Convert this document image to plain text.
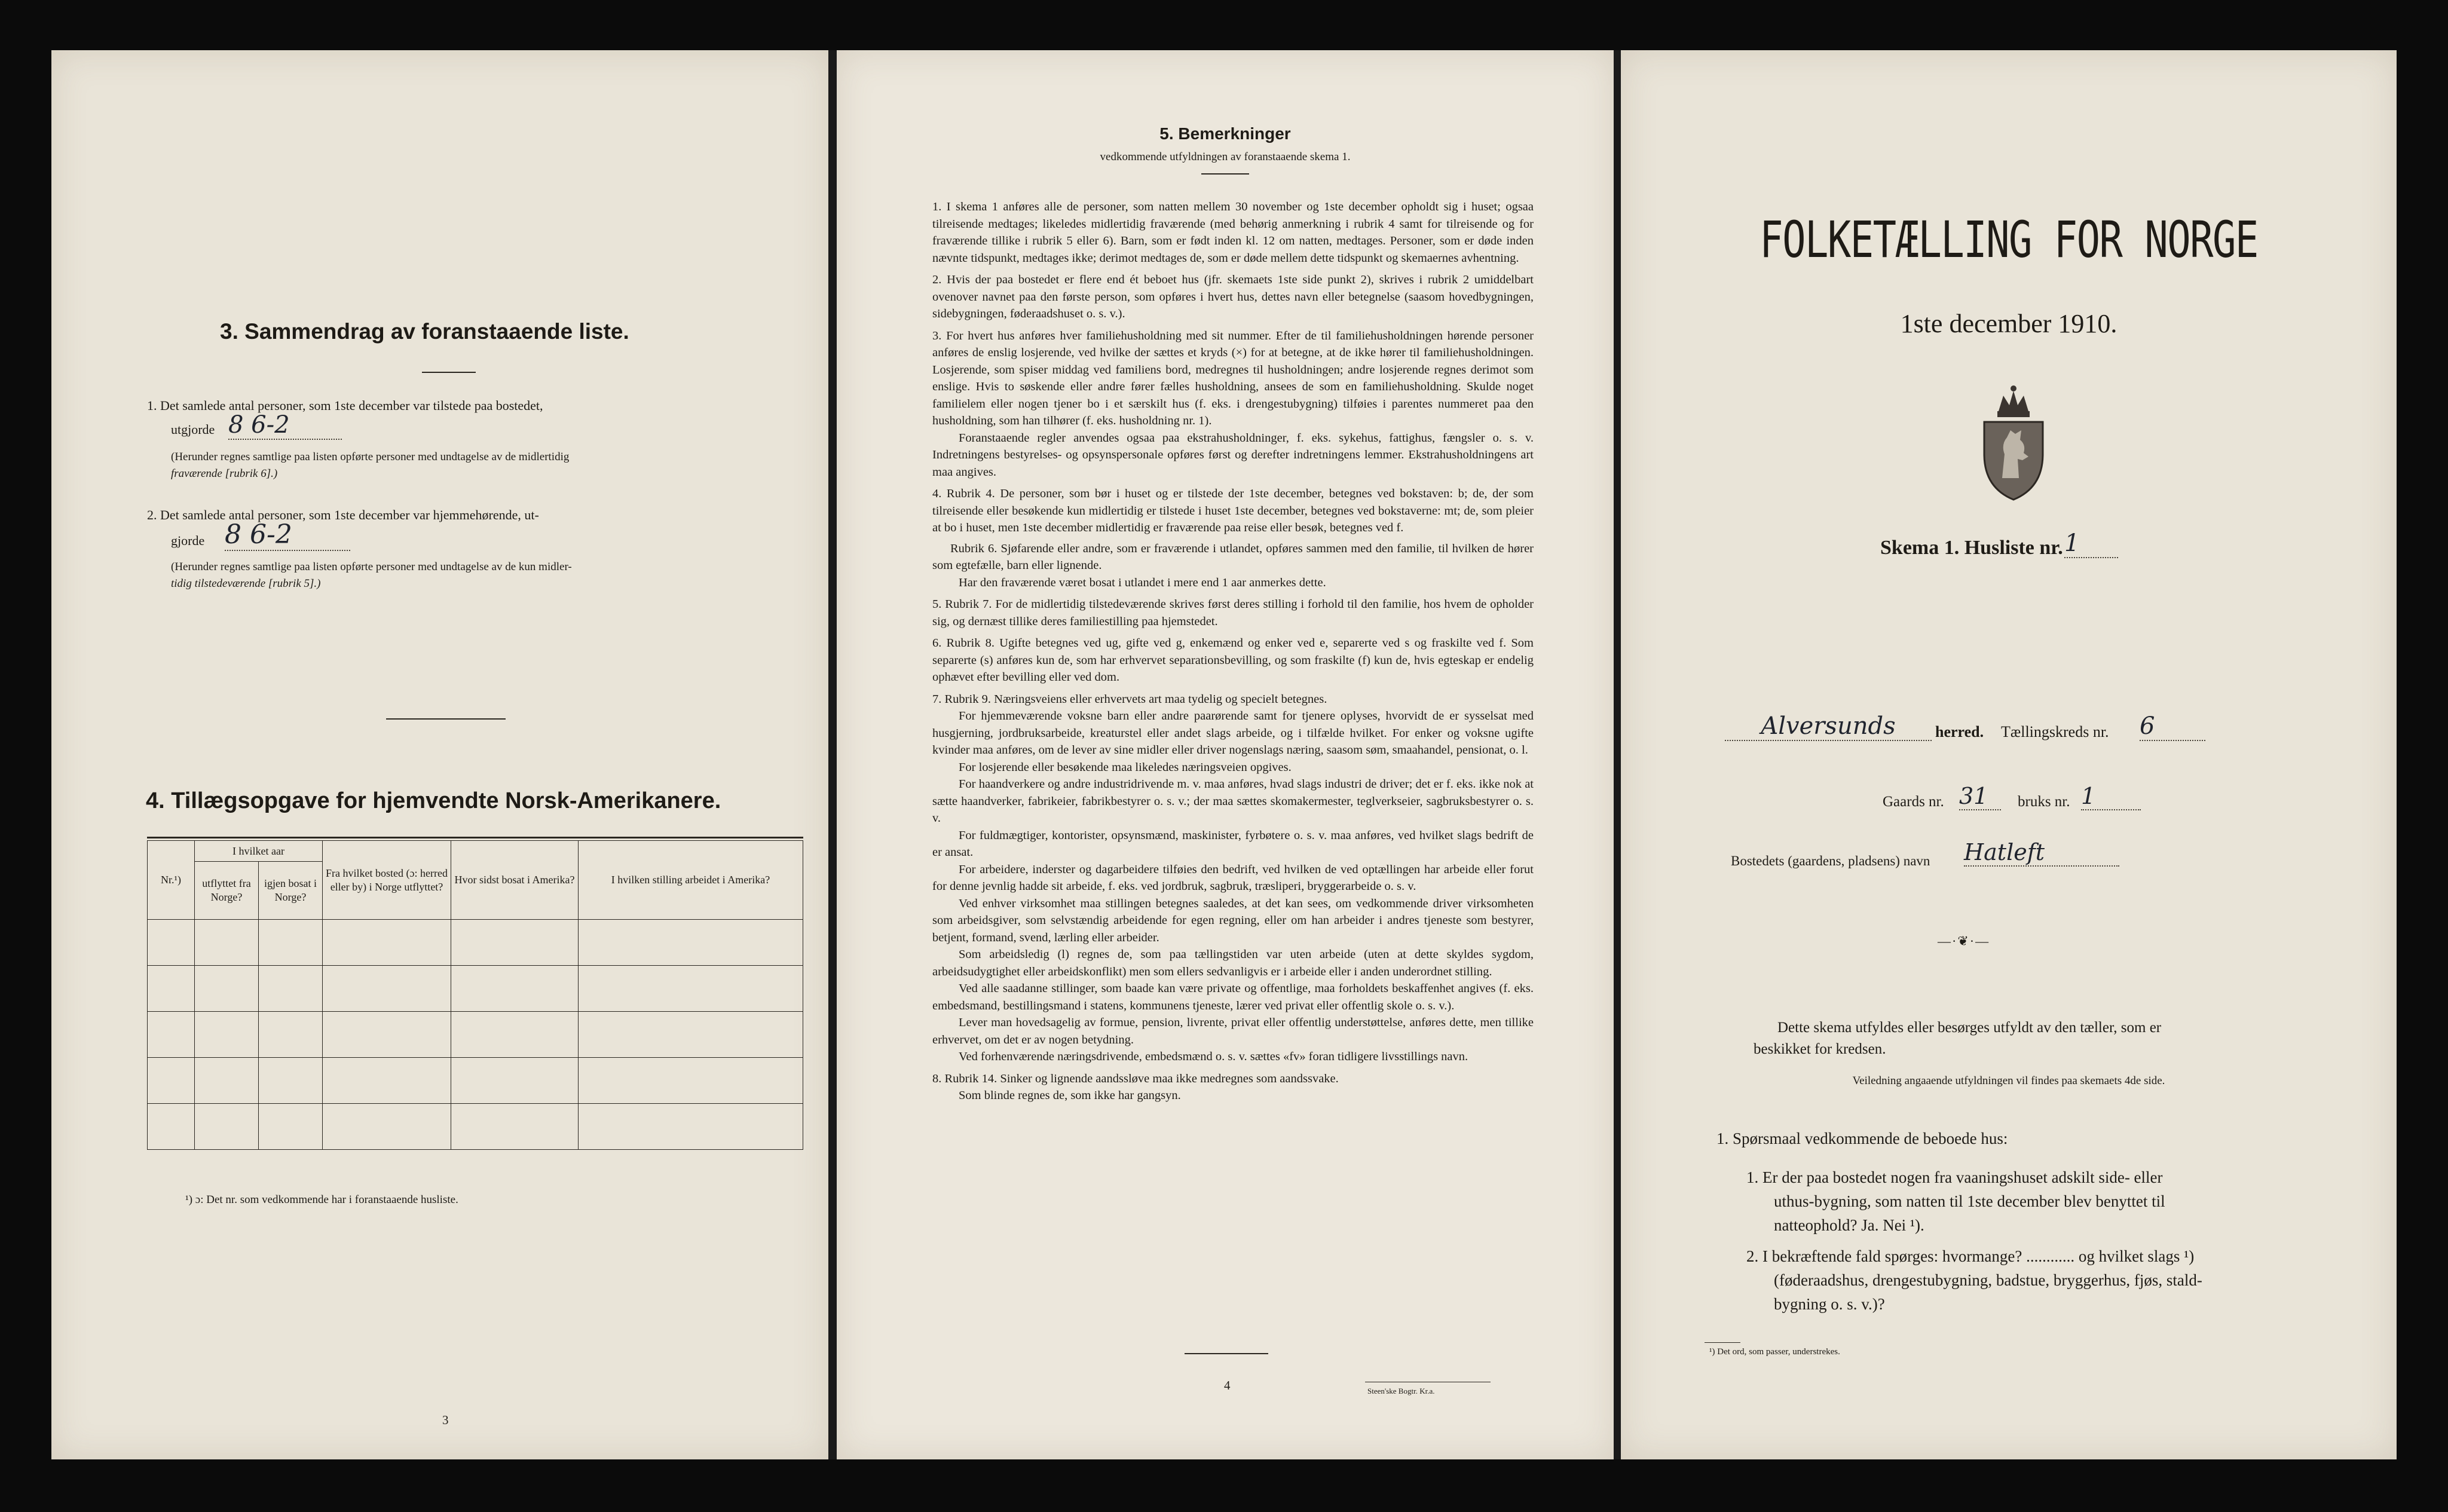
3. Sammendrag av foranstaaende liste.
1. Det samlede antal personer, som 1ste december var tilstede paa bostedet,
utgjorde 8 6-2
(Herunder regnes samtlige paa listen opførte personer med undtagelse av de midlertidig
fraværende [rubrik 6].)
2. Det samlede antal personer, som 1ste december var hjemmehørende, ut-
gjorde 8 6-2
(Herunder regnes samtlige paa listen opførte personer med undtagelse av de kun midler-
tidig tilstedeværende [rubrik 5].)
4. Tillægsopgave for hjemvendte Norsk-Amerikanere.
Nr.¹)	I hvilket aar		Fra hvilket bosted (ɔ: herred eller by) i Norge utflyttet?	Hvor sidst bosat i Amerika?	I hvilken stilling arbeidet i Amerika?
	utflyttet fra Norge?	igjen bosat i Norge?			

¹) ɔ: Det nr. som vedkommende har i foranstaaende husliste.
3
5. Bemerkninger
vedkommende utfyldningen av foranstaaende skema 1.

1. I skema 1 anføres alle de personer, som natten mellem 30 november og 1ste december opholdt sig i huset; ogsaa tilreisende medtages; likeledes midlertidig fraværende (med behørig anmerkning i rubrik 4 samt for tilreisende og for fraværende tillike i rubrik 5 eller 6). Barn, som er født inden kl. 12 om natten, medtages. Personer, som er døde inden nævnte tidspunkt, medtages ikke; derimot medtages de, som er døde mellem dette tidspunkt og skemaernes avhentning.

2. Hvis der paa bostedet er flere end ét beboet hus (jfr. skemaets 1ste side punkt 2), skrives i rubrik 2 umiddelbart ovenover navnet paa den første person, som opføres i hvert hus, dettes navn eller betegnelse (saasom hovedbygningen, sidebygningen, føderaadshuset o. s. v.).

3. For hvert hus anføres hver familiehusholdning med sit nummer. Efter de til familiehusholdningen hørende personer anføres de enslig losjerende, ved hvilke der sættes et kryds (×) for at betegne, at de ikke hører til familiehusholdningen. Losjerende, som spiser middag ved familiens bord, medregnes til husholdningen; andre losjerende regnes derimot som enslige. Hvis to søskende eller andre fører fælles husholdning, ansees de som en familiehusholdning. Skulde noget familielem eller nogen tjener bo i et særskilt hus (f. eks. i drengestubygning) tilføies i parentes nummeret paa den husholdning, som han tilhører (f. eks. husholdning nr. 1).

Foranstaaende regler anvendes ogsaa paa ekstrahusholdninger, f. eks. sykehus, fattighus, fængsler o. s. v. Indretningens bestyrelses- og opsynspersonale opføres først og derefter indretningens lemmer. Ekstrahusholdningens art maa angives.

4. Rubrik 4. De personer, som bør i huset og er tilstede der 1ste december, betegnes ved bokstaven: b; de, der som tilreisende eller besøkende kun midlertidig er tilstede i huset 1ste december, betegnes ved bokstaverne: mt; de, som pleier at bo i huset, men 1ste december midlertidig er fraværende paa reise eller besøk, betegnes ved f.

Rubrik 6. Sjøfarende eller andre, som er fraværende i utlandet, opføres sammen med den familie, til hvilken de hører som egtefælle, barn eller lignende.

Har den fraværende været bosat i utlandet i mere end 1 aar anmerkes dette.

5. Rubrik 7. For de midlertidig tilstedeværende skrives først deres stilling i forhold til den familie, hos hvem de opholder sig, og dernæst tillike deres familiestilling paa hjemstedet.

6. Rubrik 8. Ugifte betegnes ved ug, gifte ved g, enkemænd og enker ved e, separerte ved s og fraskilte ved f. Som separerte (s) anføres kun de, som har erhvervet separationsbevilling, og som fraskilte (f) kun de, hvis egteskap er endelig ophævet efter bevilling eller ved dom.

7. Rubrik 9. Næringsveiens eller erhvervets art maa tydelig og specielt betegnes.

For hjemmeværende voksne barn eller andre paarørende samt for tjenere oplyses, hvorvidt de er sysselsat med husgjerning, jordbruksarbeide, kreaturstel eller andet slags arbeide, og i tilfælde hvilket. For enker og voksne ugifte kvinder maa anføres, om de lever av sine midler eller driver nogenslags næring, saasom søm, smaahandel, pensionat, o. l.

For losjerende eller besøkende maa likeledes næringsveien opgives.

For haandverkere og andre industridrivende m. v. maa anføres, hvad slags industri de driver; det er f. eks. ikke nok at sætte haandverker, fabrikeier, fabrikbestyrer o. s. v.; der maa sættes skomakermester, teglverkseier, sagbruksbestyrer o. s. v.

For fuldmægtiger, kontorister, opsynsmænd, maskinister, fyrbøtere o. s. v. maa anføres, ved hvilket slags bedrift de er ansat.

For arbeidere, inderster og dagarbeidere tilføies den bedrift, ved hvilken de ved optællingen har arbeide eller forut for denne jevnlig hadde sit arbeide, f. eks. ved jordbruk, sagbruk, træsliperi, bryggerarbeide o. s. v.

Ved enhver virksomhet maa stillingen betegnes saaledes, at det kan sees, om vedkommende driver virksomheten som arbeidsgiver, som selvstændig arbeidende for egen regning, eller om han arbeider i andres tjeneste som bestyrer, betjent, formand, svend, lærling eller arbeider.

Som arbeidsledig (l) regnes de, som paa tællingstiden var uten arbeide (uten at dette skyldes sygdom, arbeidsudygtighet eller arbeidskonflikt) men som ellers sedvanligvis er i arbeide eller i anden underordnet stilling.

Ved alle saadanne stillinger, som baade kan være private og offentlige, maa forholdets beskaffenhet angives (f. eks. embedsmand, bestillingsmand i statens, kommunens tjeneste, lærer ved privat eller offentlig skole o. s. v.).

Lever man hovedsagelig av formue, pension, livrente, privat eller offentlig understøttelse, anføres dette, men tillike erhvervet, om det er av nogen betydning.

Ved forhenværende næringsdrivende, embedsmænd o. s. v. sættes «fv» foran tidligere livsstillings navn.

8. Rubrik 14. Sinker og lignende aandssløve maa ikke medregnes som aandssvake.

Som blinde regnes de, som ikke har gangsyn.

4	Steen'ske Bogtr. Kr.a.
FOLKETÆLLING FOR NORGE
1ste december 1910.
Skema 1. Husliste nr. 1
Alversunds	herred. Tællingskreds nr. 6
Gaards nr. 31	bruks nr. 1
Bostedets (gaardens, pladsens) navn Hatleft
—·❦·—
Dette skema utfyldes eller besørges utfyldt av den tæller, som er
beskikket for kredsen.
Veiledning angaaende utfyldningen vil findes paa skemaets 4de side.
1. Spørsmaal vedkommende de beboede hus:
1. Er der paa bostedet nogen fra vaaningshuset adskilt side- eller
uthus-bygning, som natten til 1ste december blev benyttet til
natteophold? Ja. Nei ¹).
2. I bekræftende fald spørges: hvormange? ............ og hvilket slags ¹)
(føderaadshus, drengestubygning, badstue, bryggerhus, fjøs, stald-
bygning o. s. v.)?
¹) Det ord, som passer, understrekes.
